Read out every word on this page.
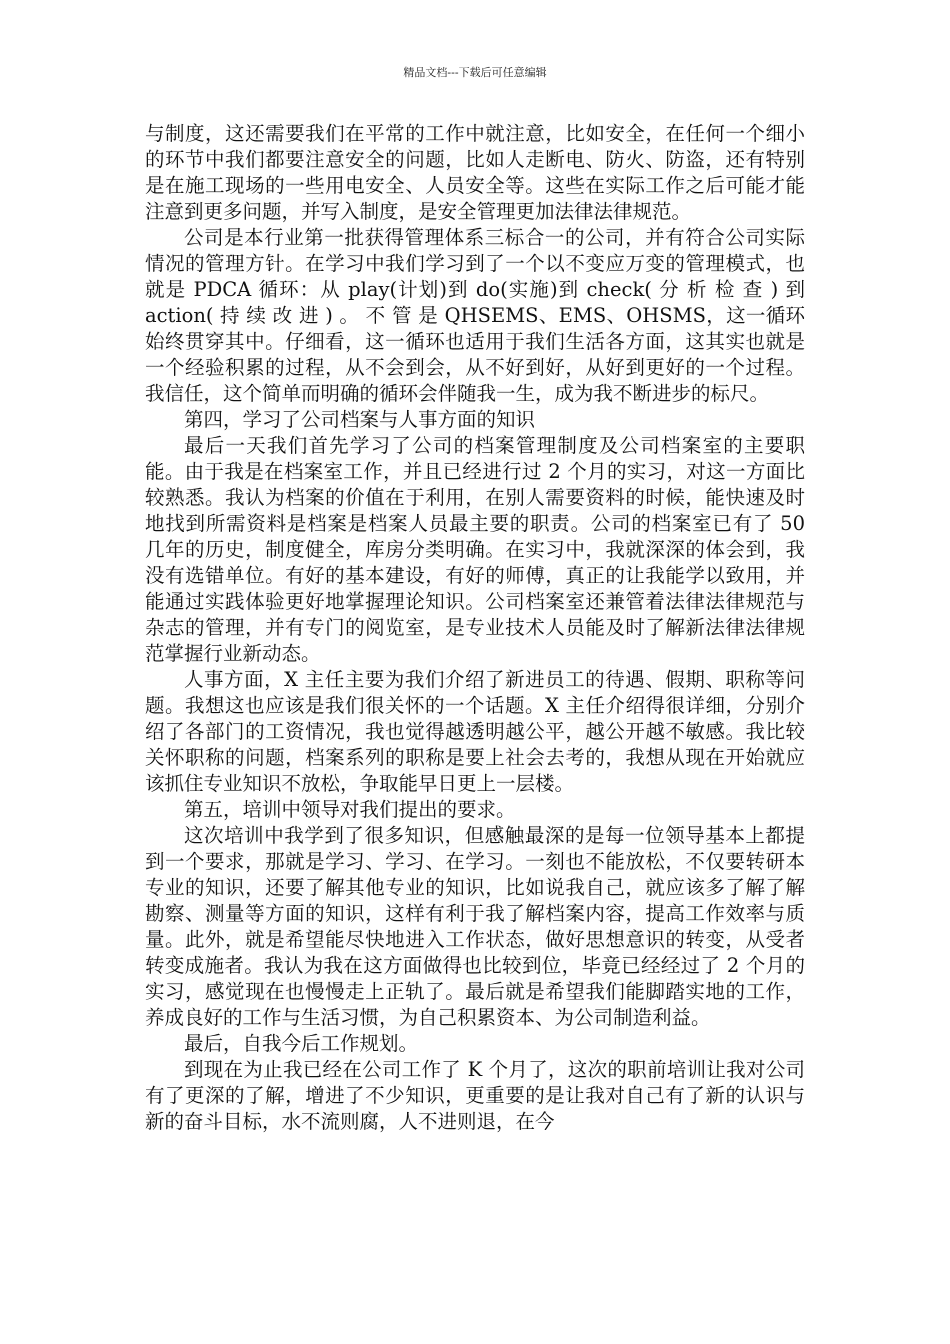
精品文档---下载后可任意编辑

与制度，这还需要我们在平常的工作中就注意，比如安全，在任何一个细小的环节中我们都要注意安全的问题，比如人走断电、防火、防盗，还有特别是在施工现场的一些用电安全、人员安全等。这些在实际工作之后可能才能注意到更多问题，并写入制度，是安全管理更加法律法律规范。

公司是本行业第一批获得管理体系三标合一的公司，并有符合公司实际情况的管理方针。在学习中我们学习到了一个以不变应万变的管理模式，也就是 PDCA 循环：从 play(计划)到 do(实施)到 check( 分 析 检 查 ) 到 action( 持 续 改 进 ) 。 不 管 是 QHSEMS、EMS、OHSMS，这一循环始终贯穿其中。仔细看，这一循环也适用于我们生活各方面，这其实也就是一个经验积累的过程，从不会到会，从不好到好，从好到更好的一个过程。我信任，这个简单而明确的循环会伴随我一生，成为我不断进步的标尺。

第四，学习了公司档案与人事方面的知识

最后一天我们首先学习了公司的档案管理制度及公司档案室的主要职能。由于我是在档案室工作，并且已经进行过 2 个月的实习，对这一方面比较熟悉。我认为档案的价值在于利用，在别人需要资料的时候，能快速及时地找到所需资料是档案是档案人员最主要的职责。公司的档案室已有了 50 几年的历史，制度健全，库房分类明确。在实习中，我就深深的体会到，我没有选错单位。有好的基本建设，有好的师傅，真正的让我能学以致用，并能通过实践体验更好地掌握理论知识。公司档案室还兼管着法律法律规范与杂志的管理，并有专门的阅览室，是专业技术人员能及时了解新法律法律规范掌握行业新动态。

人事方面，X 主任主要为我们介绍了新进员工的待遇、假期、职称等问题。我想这也应该是我们很关怀的一个话题。X 主任介绍得很详细，分别介绍了各部门的工资情况，我也觉得越透明越公平，越公开越不敏感。我比较关怀职称的问题，档案系列的职称是要上社会去考的，我想从现在开始就应该抓住专业知识不放松，争取能早日更上一层楼。

第五，培训中领导对我们提出的要求。

这次培训中我学到了很多知识，但感触最深的是每一位领导基本上都提到一个要求，那就是学习、学习、在学习。一刻也不能放松，不仅要转研本专业的知识，还要了解其他专业的知识，比如说我自己，就应该多了解了解勘察、测量等方面的知识，这样有利于我了解档案内容，提高工作效率与质量。此外，就是希望能尽快地进入工作状态，做好思想意识的转变，从受者转变成施者。我认为我在这方面做得也比较到位，毕竟已经经过了 2 个月的实习，感觉现在也慢慢走上正轨了。最后就是希望我们能脚踏实地的工作，养成良好的工作与生活习惯，为自己积累资本、为公司制造利益。

最后，自我今后工作规划。

到现在为止我已经在公司工作了 K 个月了，这次的职前培训让我对公司有了更深的了解，增进了不少知识，更重要的是让我对自己有了新的认识与新的奋斗目标，水不流则腐，人不进则退，在今
